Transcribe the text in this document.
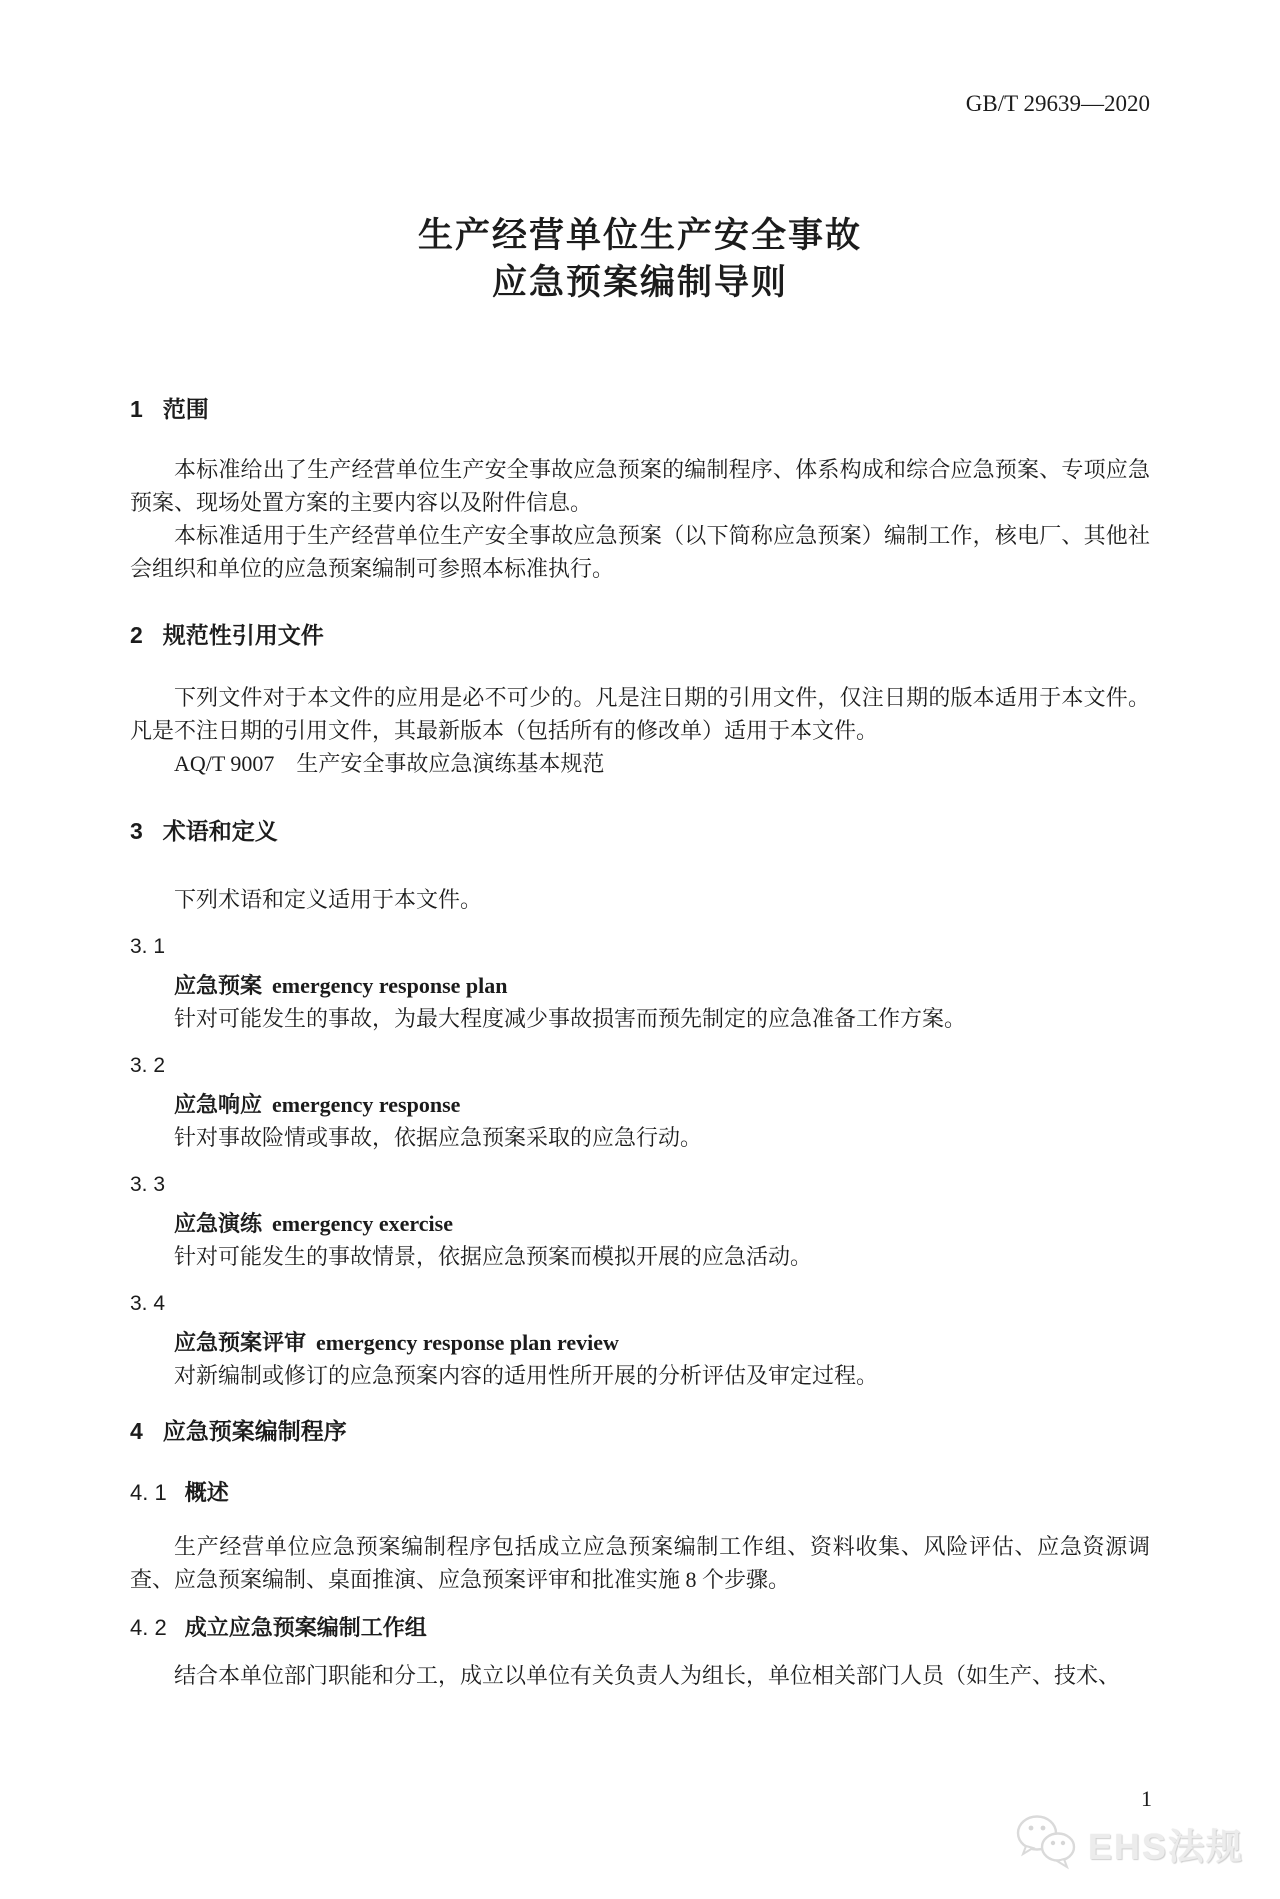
GB/T 29639—2020
生产经营单位生产安全事故
应急预案编制导则
1 范围

本标准给出了生产经营单位生产安全事故应急预案的编制程序、体系构成和综合应急预案、专项应急预案、现场处置方案的主要内容以及附件信息。

本标准适用于生产经营单位生产安全事故应急预案（以下简称应急预案）编制工作，核电厂、其他社会组织和单位的应急预案编制可参照本标准执行。

2 规范性引用文件

下列文件对于本文件的应用是必不可少的。凡是注日期的引用文件，仅注日期的版本适用于本文件。凡是不注日期的引用文件，其最新版本（包括所有的修改单）适用于本文件。

AQ/T 9007　生产安全事故应急演练基本规范
3 术语和定义

下列术语和定义适用于本文件。

3. 1
应急预案 emergency response plan
针对可能发生的事故，为最大程度减少事故损害而预先制定的应急准备工作方案。
3. 2
应急响应 emergency response
针对事故险情或事故，依据应急预案采取的应急行动。
3. 3
应急演练 emergency exercise
针对可能发生的事故情景，依据应急预案而模拟开展的应急活动。
3. 4
应急预案评审 emergency response plan review
对新编制或修订的应急预案内容的适用性所开展的分析评估及审定过程。
4 应急预案编制程序
4. 1 概述

生产经营单位应急预案编制程序包括成立应急预案编制工作组、资料收集、风险评估、应急资源调查、应急预案编制、桌面推演、应急预案评审和批准实施 8 个步骤。

4. 2 成立应急预案编制工作组

结合本单位部门职能和分工，成立以单位有关负责人为组长，单位相关部门人员（如生产、技术、

1
EHS法规
